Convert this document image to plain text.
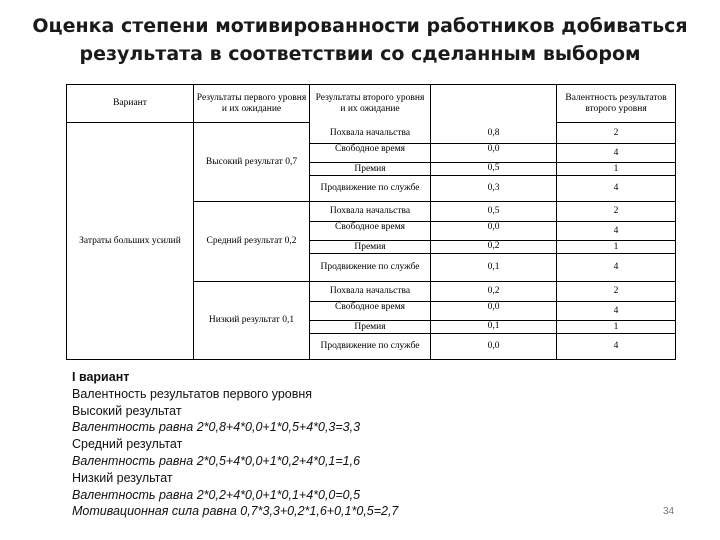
Оценка степени мотивированности работников добиваться
результата в соответствии со сделанным выбором
Вариант	Результаты первого уровня и их ожидание	Результаты второго уровня и их ожидание		Валентность результатов второго уровня
Затраты больших усилий	Высокий результат 0,7	Похвала начальства	0,8	2
		Свободное время	0,0	4
		Премия	0,5	1
		Продвижение по службе	0,3	4
	Средний результат 0,2	Похвала начальства	0,5	2
		Свободное время	0,0	4
		Премия	0,2	1
		Продвижение по службе	0,1	4
	Низкий результат 0,1	Похвала начальства	0,2	2
		Свободное время	0,0	4
		Премия	0,1	1
		Продвижение по службе	0,0	4
I вариант
Валентность результатов первого уровня
Высокий результат
Валентность равна 2*0,8+4*0,0+1*0,5+4*0,3=3,3
Средний результат
Валентность равна 2*0,5+4*0,0+1*0,2+4*0,1=1,6
Низкий результат
Валентность равна 2*0,2+4*0,0+1*0,1+4*0,0=0,5
Мотивационная сила равна 0,7*3,3+0,2*1,6+0,1*0,5=2,7	34
